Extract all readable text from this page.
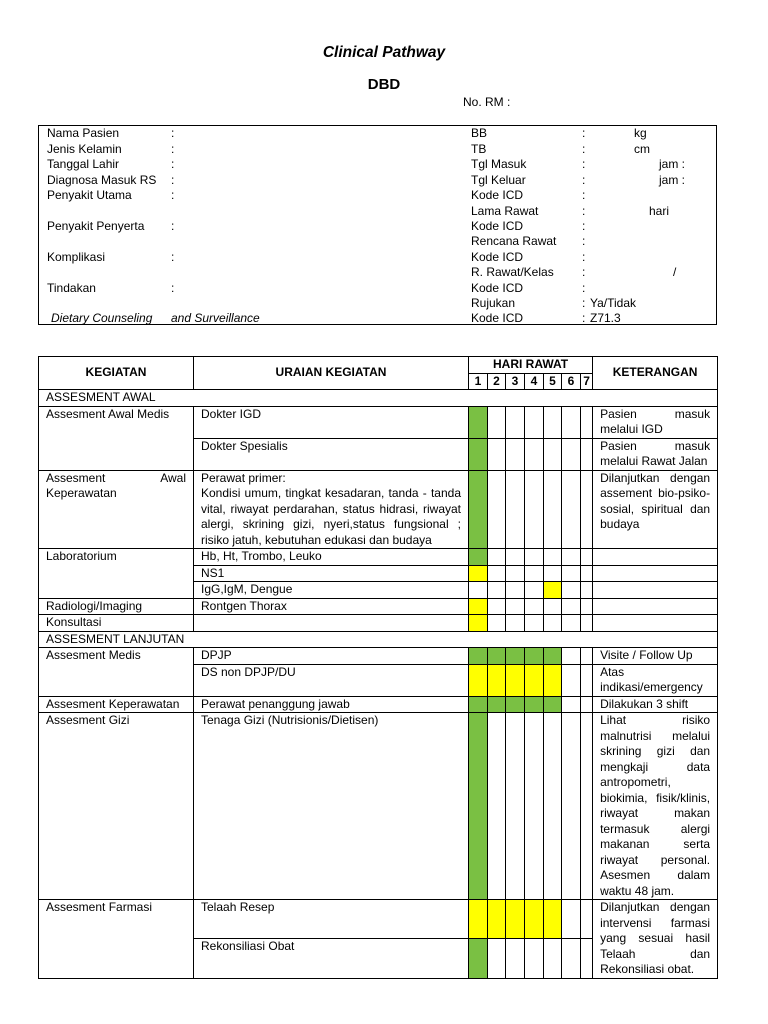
Clinical Pathway
DBD
No. RM :
Nama Pasien	:
Jenis Kelamin	:
Tanggal Lahir	:
Diagnosa Masuk RS :
Penyakit Utama	:
Penyakit Penyerta :
Komplikasi	:
Tindakan	:
Dietary Counseling and Surveillance
BB	:	kg
TB	:	cm
Tgl Masuk	:	jam :
Tgl Keluar	:	jam :
Kode ICD	:
Lama Rawat	:	hari
Kode ICD	:
Rencana Rawat :
Kode ICD	:
R. Rawat/Kelas :	/
Kode ICD	:
Rujukan	: Ya/Tidak
Kode ICD	: Z71.3
KEGIATAN	URAIAN KEGIATAN	HARI RAWAT							KETERANGAN
		1	2	3	4	5	6	7	
ASSESMENT AWAL									
Assesment Awal Medis	Dokter IGD								Pasien masuk melalui IGD
	Dokter Spesialis								Pasien masuk melalui Rawat Jalan
Assesment Awal Keperawatan	Perawat primer:
Kondisi umum, tingkat kesadaran, tanda - tanda vital, riwayat perdarahan, status hidrasi, riwayat alergi, skrining gizi, nyeri,status fungsional ; risiko jatuh, kebutuhan edukasi dan budaya								Dilanjutkan dengan assement bio-psiko-sosial, spiritual dan budaya
Laboratorium	Hb, Ht, Trombo, Leuko								
	NS1								
	IgG,IgM, Dengue								
Radiologi/Imaging	Rontgen Thorax								
Konsultasi									
ASSESMENT LANJUTAN									
Assesment Medis	DPJP								Visite / Follow Up
	DS non DPJP/DU								Atas indikasi/emergency
Assesment Keperawatan	Perawat penanggung jawab								Dilakukan 3 shift
Assesment Gizi	Tenaga Gizi (Nutrisionis/Dietisen)								Lihat risiko malnutrisi melalui skrining gizi dan mengkaji data antropometri, biokimia, fisik/klinis, riwayat makan termasuk alergi makanan serta riwayat personal. Asesmen dalam waktu 48 jam.
Assesment Farmasi	Telaah Resep								Dilanjutkan dengan intervensi farmasi yang sesuai hasil Telaah dan Rekonsiliasi obat.
	Rekonsiliasi Obat								
